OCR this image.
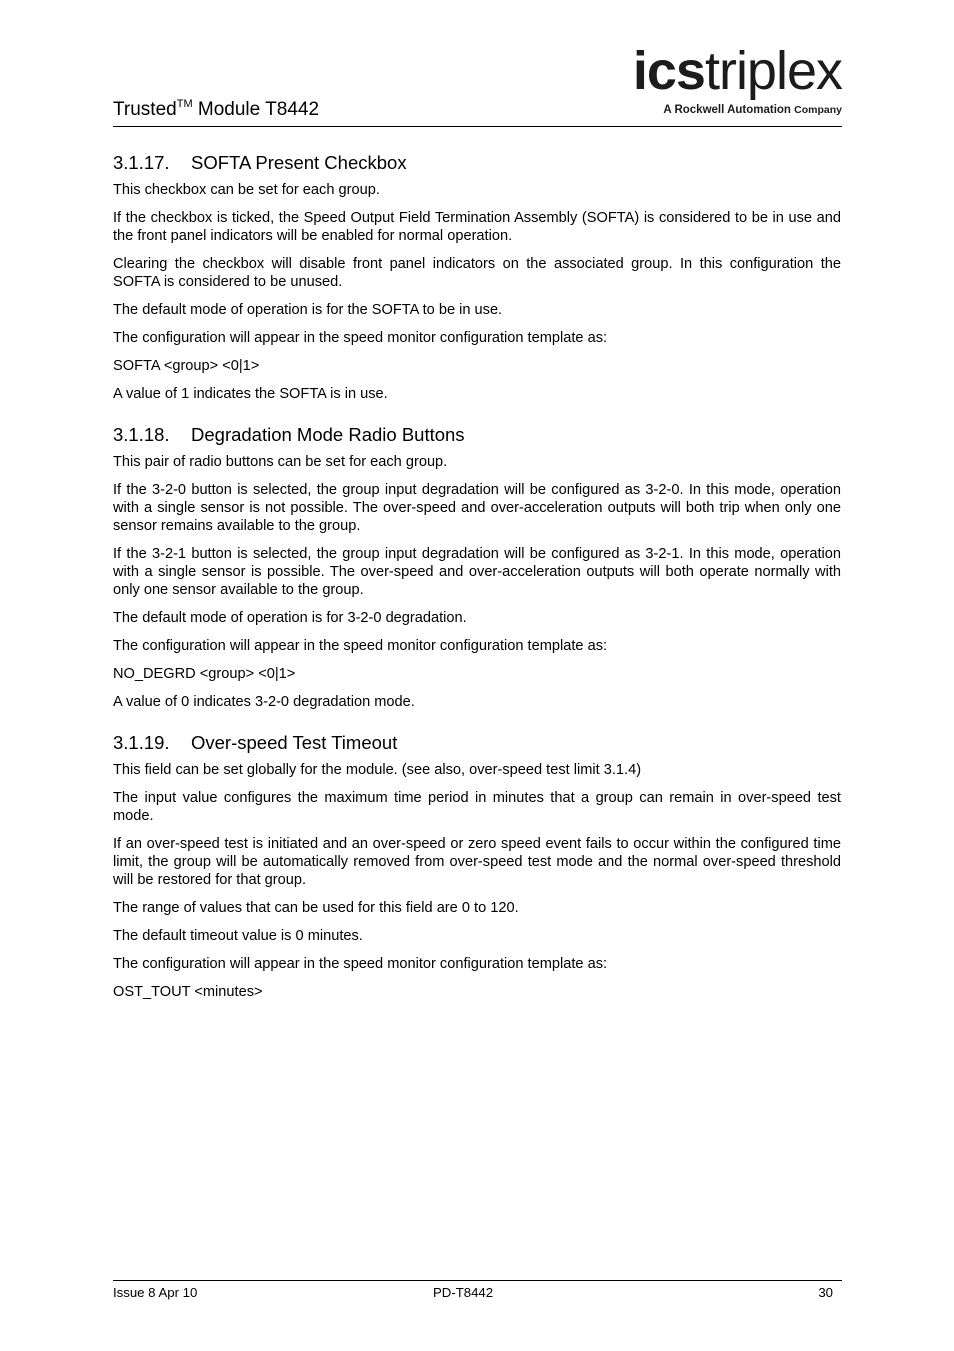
Trusted™ Module T8442
icstriplex
A Rockwell Automation Company
3.1.17. SOFTA Present Checkbox

This checkbox can be set for each group.

If the checkbox is ticked, the Speed Output Field Termination Assembly (SOFTA) is considered to be in use and the front panel indicators will be enabled for normal operation.

Clearing the checkbox will disable front panel indicators on the associated group. In this configuration the SOFTA is considered to be unused.

The default mode of operation is for the SOFTA to be in use.

The configuration will appear in the speed monitor configuration template as:

SOFTA <group> <0|1>

A value of 1 indicates the SOFTA is in use.

3.1.18. Degradation Mode Radio Buttons

This pair of radio buttons can be set for each group.

If the 3-2-0 button is selected, the group input degradation will be configured as 3-2-0. In this mode, operation with a single sensor is not possible. The over-speed and over-acceleration outputs will both trip when only one sensor remains available to the group.

If the 3-2-1 button is selected, the group input degradation will be configured as 3-2-1. In this mode, operation with a single sensor is possible. The over-speed and over-acceleration outputs will both operate normally with only one sensor available to the group.

The default mode of operation is for 3-2-0 degradation.

The configuration will appear in the speed monitor configuration template as:

NO_DEGRD <group> <0|1>

A value of 0 indicates 3-2-0 degradation mode.

3.1.19. Over-speed Test Timeout

This field can be set globally for the module. (see also, over-speed test limit 3.1.4)

The input value configures the maximum time period in minutes that a group can remain in over-speed test mode.

If an over-speed test is initiated and an over-speed or zero speed event fails to occur within the configured time limit, the group will be automatically removed from over-speed test mode and the normal over-speed threshold will be restored for that group.

The range of values that can be used for this field are 0 to 120.

The default timeout value is 0 minutes.

The configuration will appear in the speed monitor configuration template as:

OST_TOUT <minutes>

Issue 8 Apr 10	PD-T8442	30
